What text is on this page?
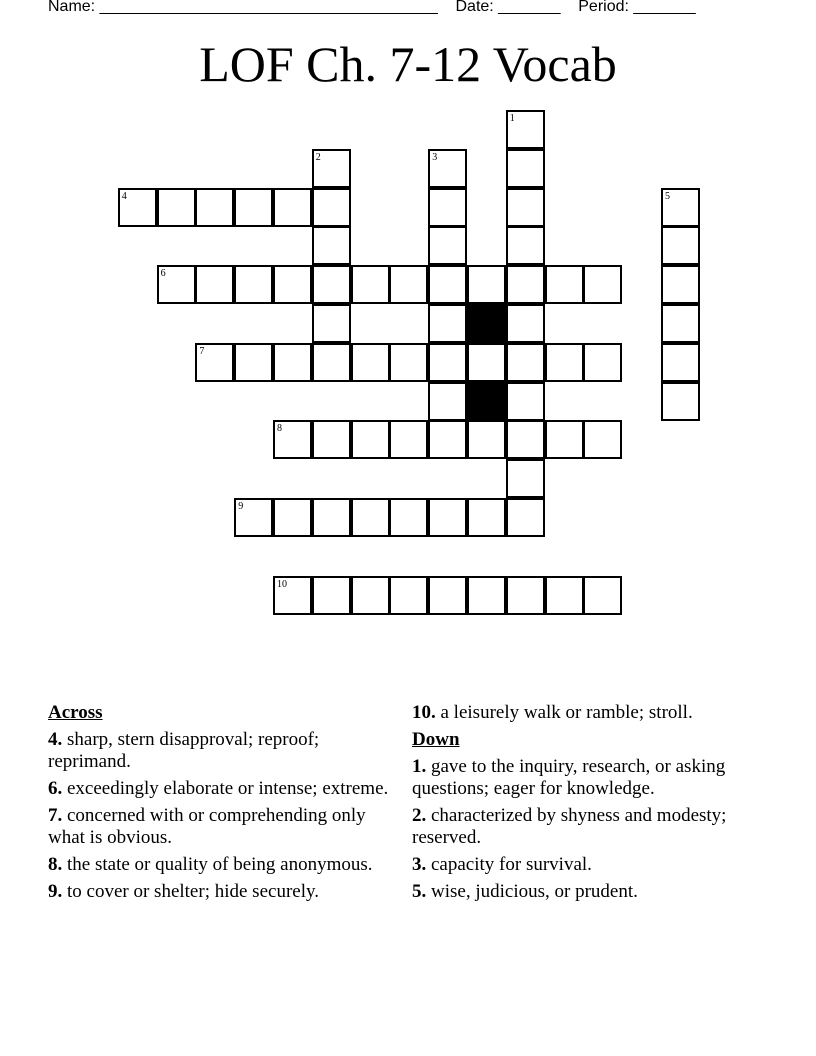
Name: ______________________________________    Date: _______    Period: _______
LOF Ch. 7-12 Vocab
1
2	3
4	5
6
7
8
9
10
Across
4. sharp, stern disapproval; reproof; reprimand.
6. exceedingly elaborate or intense; extreme.
7. concerned with or comprehending only what is obvious.
8. the state or quality of being anonymous.
9. to cover or shelter; hide securely.
10. a leisurely walk or ramble; stroll.
Down
1. gave to the inquiry, research, or asking questions; eager for knowledge.
2. characterized by shyness and modesty; reserved.
3. capacity for survival.
5. wise, judicious, or prudent.
